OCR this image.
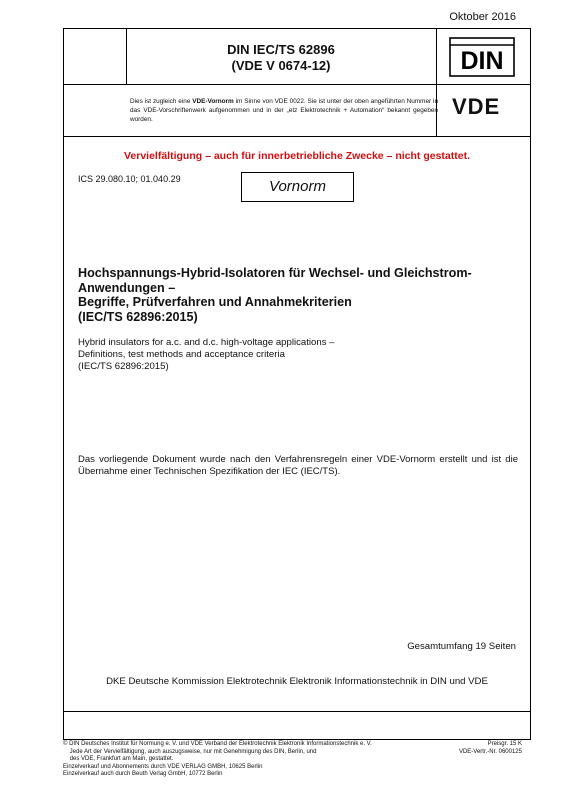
Oktober 2016
DIN IEC/TS 62896
(VDE V 0674-12)	DIN
Dies ist zugleich eine VDE-Vornorm im Sinne von VDE 0022. Sie ist unter der oben angeführten Nummer in das VDE-Vorschriftenwerk aufgenommen und in der „etz Elektrotechnik + Automation“ bekannt gegeben worden.
VDE
Vervielfältigung – auch für innerbetriebliche Zwecke – nicht gestattet.
ICS 29.080.10; 01.040.29	Vornorm
Hochspannungs-Hybrid-Isolatoren für Wechsel- und Gleichstrom-
Anwendungen –
Begriffe, Prüfverfahren und Annahmekriterien
(IEC/TS 62896:2015)
Hybrid insulators for a.c. and d.c. high-voltage applications –
Definitions, test methods and acceptance criteria
(IEC/TS 62896:2015)
Das vorliegende Dokument wurde nach den Verfahrensregeln einer VDE-Vornorm erstellt und ist die Übernahme einer Technischen Spezifikation der IEC (IEC/TS).
Gesamtumfang 19 Seiten
DKE Deutsche Kommission Elektrotechnik Elektronik Informationstechnik in DIN und VDE
© DIN Deutsches Institut für Normung e. V. und VDE Verband der Elektrotechnik Elektronik Informationstechnik e. V.
Jede Art der Vervielfältigung, auch auszugsweise, nur mit Genehmigung des DIN, Berlin, und
des VDE, Frankfurt am Main, gestattet.
Einzelverkauf und Abonnements durch VDE VERLAG GMBH, 10625 Berlin
Einzelverkauf auch durch Beuth Verlag GmbH, 10772 Berlin
Preisgr. 15 K
VDE-Vertr.-Nr. 0600125
